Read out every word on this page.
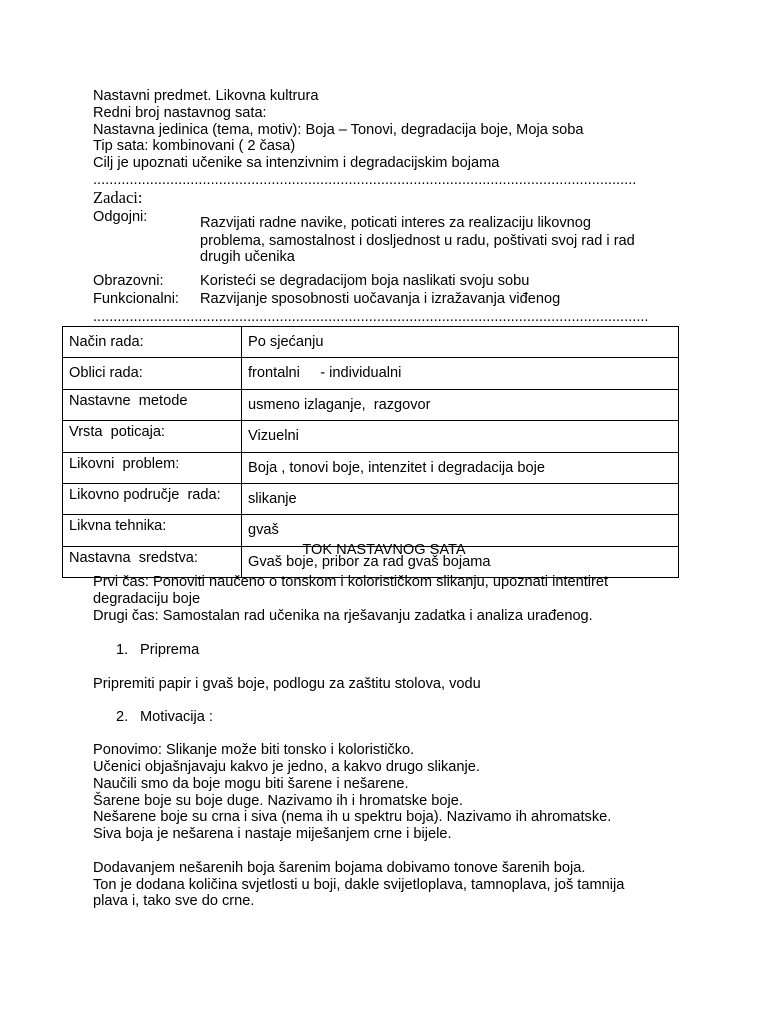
Nastavni predmet. Likovna kultrura
Redni broj nastavnog sata:
Nastavna jedinica (tema, motiv): Boja – Tonovi, degradacija boje, Moja soba
Tip sata: kombinovani ( 2 časa)
Cilj je upoznati učenike sa intenzivnim i degradacijskim bojama
......................................................................................................................................
Zadaci:
Odgojni:	Razvijati radne navike, poticati interes za realizaciju likovnog
problema, samostalnost i dosljednost u radu, poštivati svoj rad i rad
drugih učenika
Obrazovni: Koristeći se degradacijom boja naslikati svoju sobu
Funkcionalni: Razvijanje sposobnosti uočavanja i izražavanja viđenog
.........................................................................................................................................
Način rada:	Po sjećanju
Oblici rada:	frontalni     - individualni
Nastavne  metode	usmeno izlaganje,  razgovor
Vrsta  poticaja:	Vizuelni
Likovni  problem:	Boja , tonovi boje, intenzitet i degradacija boje
Likovno područje  rada:	slikanje
Likvna tehnika:	gvaš
Nastavna  sredstva:	Gvaš boje, pribor za rad gvaš bojama
TOK NASTAVNOG SATA
Prvi čas: Ponoviti naučeno o tonskom i kolorističkom slikanju, upoznati intentiret
degradaciju boje
Drugi čas: Samostalan rad učenika na rješavanju zadatka i analiza urađenog.
1. Priprema
Pripremiti papir i gvaš boje, podlogu za zaštitu stolova, vodu
2. Motivacija :
Ponovimo: Slikanje može biti tonsko i kolorističko.
Učenici objašnjavaju kakvo je jedno, a kakvo drugo slikanje.
Naučili smo da boje mogu biti šarene i nešarene.
Šarene boje su boje duge. Nazivamo ih i hromatske boje.
Nešarene boje su crna i siva (nema ih u spektru boja). Nazivamo ih ahromatske.
Siva boja je nešarena i nastaje miješanjem crne i bijele.
Dodavanjem nešarenih boja šarenim bojama dobivamo tonove šarenih boja.
Ton je dodana količina svjetlosti u boji, dakle svijetloplava, tamnoplava, još tamnija
plava i, tako sve do crne.
